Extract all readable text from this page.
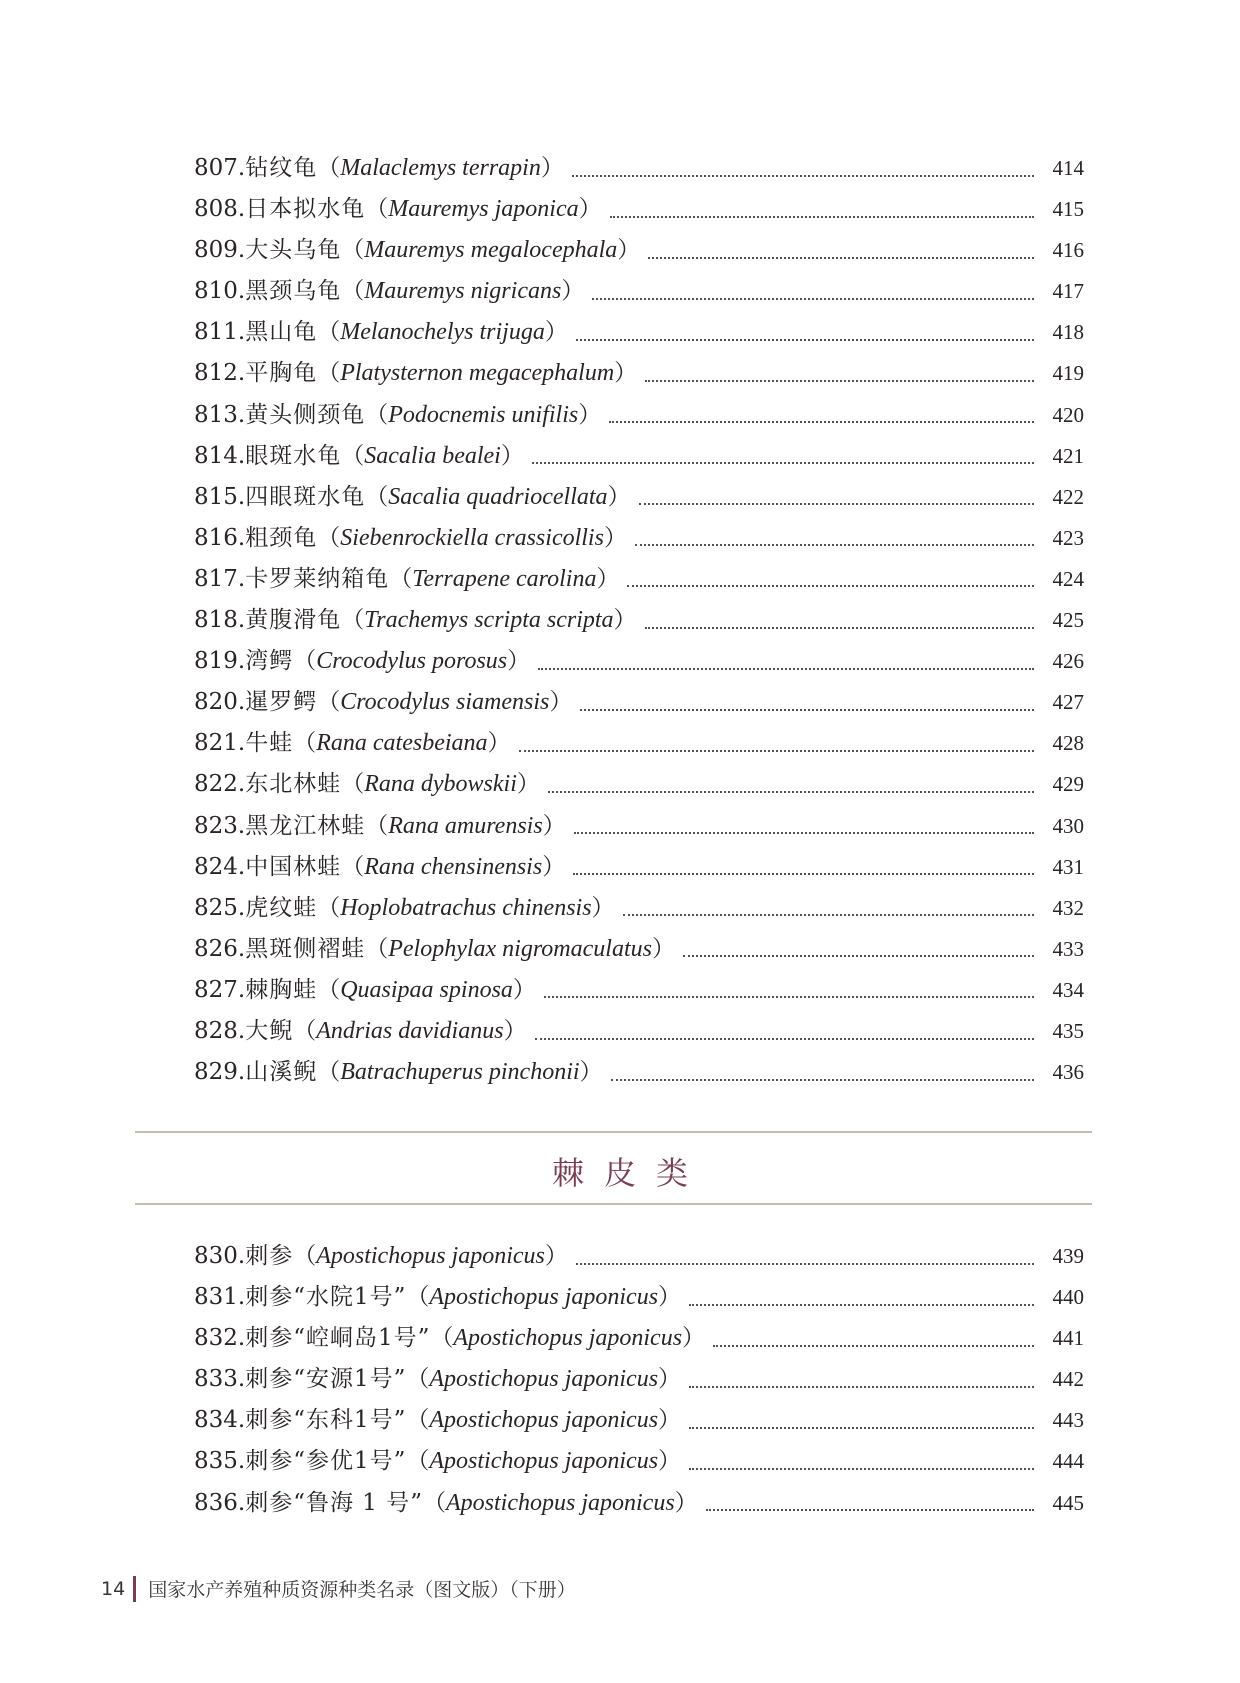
807. 钻纹龟 （ Malaclemys terrapin ）	414
808. 日本拟水龟 （ Mauremys japonica ）	415
809. 大头乌龟 （ Mauremys megalocephala ）	416
810. 黑颈乌龟 （ Mauremys nigricans ）	417
811. 黑山龟 （ Melanochelys trijuga ）	418
812. 平胸龟 （ Platysternon megacephalum ）	419
813. 黄头侧颈龟 （ Podocnemis unifilis ）	420
814. 眼斑水龟 （ Sacalia bealei ）	421
815. 四眼斑水龟 （ Sacalia quadriocellata ）	422
816. 粗颈龟 （ Siebenrockiella crassicollis ）	423
817. 卡罗莱纳箱龟 （ Terrapene carolina ）	424
818. 黄腹滑龟 （ Trachemys scripta scripta ）	425
819. 湾鳄 （ Crocodylus porosus ）	426
820. 暹罗鳄 （ Crocodylus siamensis ）	427
821. 牛蛙 （ Rana catesbeiana ）	428
822. 东北林蛙 （ Rana dybowskii ）	429
823. 黑龙江林蛙 （ Rana amurensis ）	430
824. 中国林蛙 （ Rana chensinensis ）	431
825. 虎纹蛙 （ Hoplobatrachus chinensis ）	432
826. 黑斑侧褶蛙 （ Pelophylax nigromaculatus ）	433
827. 棘胸蛙 （ Quasipaa spinosa ）	434
828. 大鲵 （ Andrias davidianus ）	435
829. 山溪鲵 （ Batrachuperus pinchonii ）	436
棘皮类
830. 刺参 （ Apostichopus japonicus ）	439
831. 刺参“水院1号” （ Apostichopus japonicus ）	440
832. 刺参“崆峒岛1号” （ Apostichopus japonicus ）	441
833. 刺参“安源1号” （ Apostichopus japonicus ）	442
834. 刺参“东科1号” （ Apostichopus japonicus ）	443
835. 刺参“参优1号” （ Apostichopus japonicus ）	444
836. 刺参“鲁海 1 号” （ Apostichopus japonicus ）	445
14 国家水产养殖种质资源种类名录（图文版）（下册）
